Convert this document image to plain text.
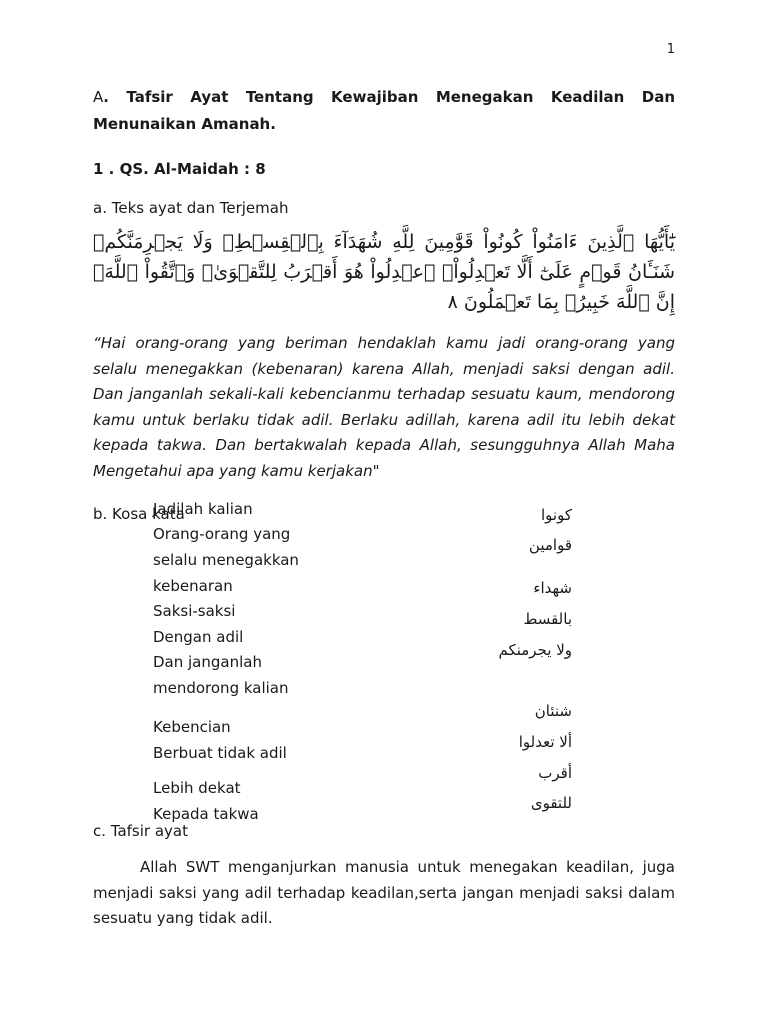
1

A. Tafsir Ayat Tentang Kewajiban Menegakan Keadilan Dan Menunaikan Amanah.

1 . QS. Al-Maidah : 8

a. Teks ayat dan Terjemah

يَٰٓأَيُّهَا ٱلَّذِينَ ءَامَنُواْ كُونُواْ قَوَّٰمِينَ لِلَّهِ شُهَدَآءَ بِٱلۡقِسۡطِۖ وَلَا يَجۡرِمَنَّكُمۡ شَنَـَٔانُ قَوۡمٍ عَلَىٰٓ أَلَّا تَعۡدِلُواْۚ ٱعۡدِلُواْ هُوَ أَقۡرَبُ لِلتَّقۡوَىٰۖ وَٱتَّقُواْ ٱللَّهَۚ إِنَّ ٱللَّهَ خَبِيرُۢ بِمَا تَعۡمَلُونَ ٨

“Hai orang-orang yang beriman hendaklah kamu jadi orang-orang yang selalu menegakkan (kebenaran) karena Allah, menjadi saksi dengan adil. Dan janganlah sekali-kali kebencianmu terhadap sesuatu kaum, mendorong kamu untuk berlaku tidak adil. Berlaku adillah, karena adil itu lebih dekat kepada takwa. Dan bertakwalah kepada Allah, sesungguhnya Allah Maha Mengetahui apa yang kamu kerjakan"

b. Kosa kata

Jadilah kalian
Orang-orang yang
selalu menegakkan
kebenaran
Saksi-saksi
Dengan adil
Dan janganlah
mendorong kalian
Kebencian
Berbuat tidak adil
Lebih dekat
Kepada takwa
كونوا
قوامين
شهداء
بالقسط
ولا يجرمنكم
شنئان
ألا تعدلوا
أقرب
للتقوى
c. Tafsir ayat

Allah SWT menganjurkan manusia untuk menegakan keadilan, juga menjadi saksi yang adil terhadap keadilan,serta jangan menjadi saksi dalam sesuatu yang tidak adil.
